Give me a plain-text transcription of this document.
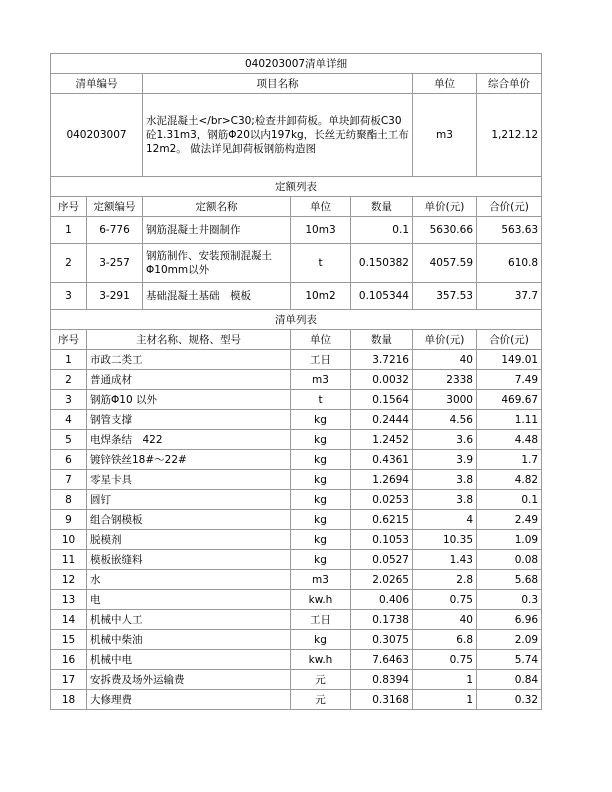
040203007清单详细						
清单编号		项目名称			单位	综合单价
040203007		水泥混凝土</br>C30;检查井卸荷板。单块卸荷板C30砼1.31m3，钢筋Φ20以内197kg，长丝无纺聚酯土工布12m2。 做法详见卸荷板钢筋构造图			m3	1,212.12
定额列表						
序号	定额编号	定额名称	单位	数量	单价(元)	合价(元)
1	6-776	钢筋混凝土井圈制作	10m3	0.1	5630.66	563.63
2	3-257	钢筋制作、安装预制混凝土Φ10mm以外	t	0.150382	4057.59	610.8
3	3-291	基础混凝土基础　模板	10m2	0.105344	357.53	37.7
清单列表						
序号	主材名称、规格、型号		单位	数量	单价(元)	合价(元)
1	市政二类工		工日	3.7216	40	149.01
2	普通成材		m3	0.0032	2338	7.49
3	钢筋Φ10 以外		t	0.1564	3000	469.67
4	钢管支撑		kg	0.2444	4.56	1.11
5	电焊条结　422		kg	1.2452	3.6	4.48
6	镀锌铁丝18#～22#		kg	0.4361	3.9	1.7
7	零星卡具		kg	1.2694	3.8	4.82
8	圆钉		kg	0.0253	3.8	0.1
9	组合钢模板		kg	0.6215	4	2.49
10	脱模剂		kg	0.1053	10.35	1.09
11	模板嵌缝料		kg	0.0527	1.43	0.08
12	水		m3	2.0265	2.8	5.68
13	电		kw.h	0.406	0.75	0.3
14	机械中人工		工日	0.1738	40	6.96
15	机械中柴油		kg	0.3075	6.8	2.09
16	机械中电		kw.h	7.6463	0.75	5.74
17	安拆费及场外运输费		元	0.8394	1	0.84
18	大修理费		元	0.3168	1	0.32
